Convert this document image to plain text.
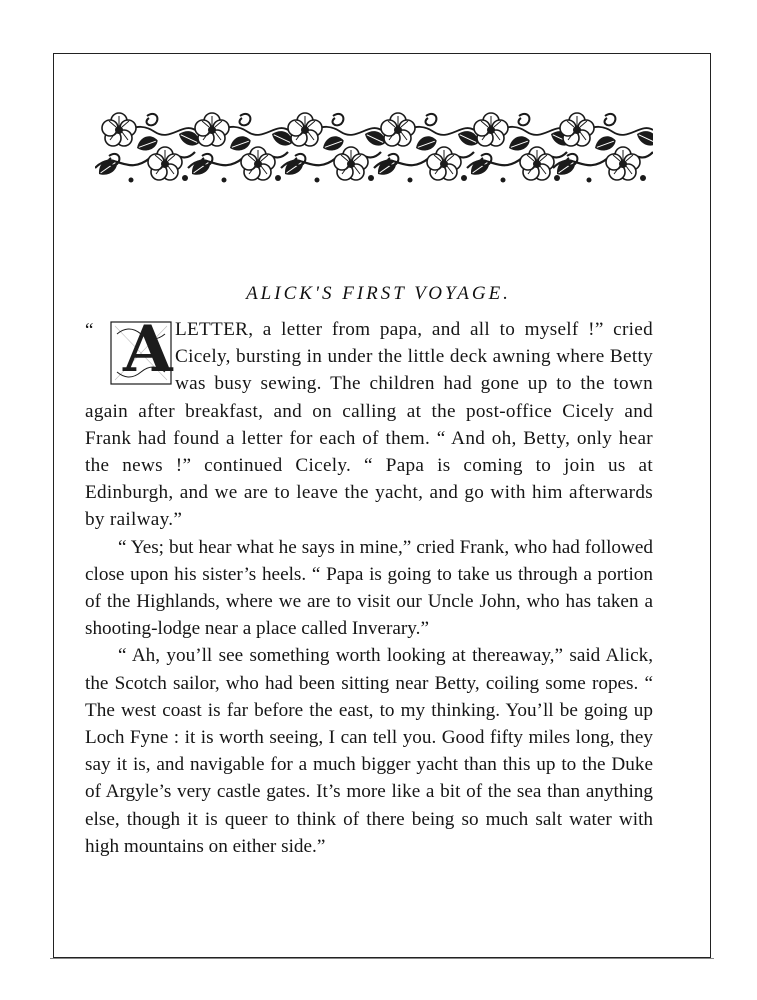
ALICK'S FIRST VOYAGE.

“ A LETTER, a letter from papa, and all to myself !” cried Cicely, bursting in under the little deck awning where Betty was busy sewing. The children had gone up to the town again after breakfast, and on calling at the post-office Cicely and Frank had found a letter for each of them. “ And oh, Betty, only hear the news !” continued Cicely. “ Papa is coming to join us at Edinburgh, and we are to leave the yacht, and go with him afterwards by railway.”

“ Yes; but hear what he says in mine,” cried Frank, who had followed close upon his sister’s heels. “ Papa is going to take us through a portion of the Highlands, where we are to visit our Uncle John, who has taken a shooting-lodge near a place called Inverary.”

“ Ah, you’ll see something worth looking at thereaway,” said Alick, the Scotch sailor, who had been sitting near Betty, coiling some ropes. “ The west coast is far before the east, to my thinking. You’ll be going up Loch Fyne : it is worth seeing, I can tell you. Good fifty miles long, they say it is, and navigable for a much bigger yacht than this up to the Duke of Argyle’s very castle gates. It’s more like a bit of the sea than anything else, though it is queer to think of there being so much salt water with high mountains on either side.”
